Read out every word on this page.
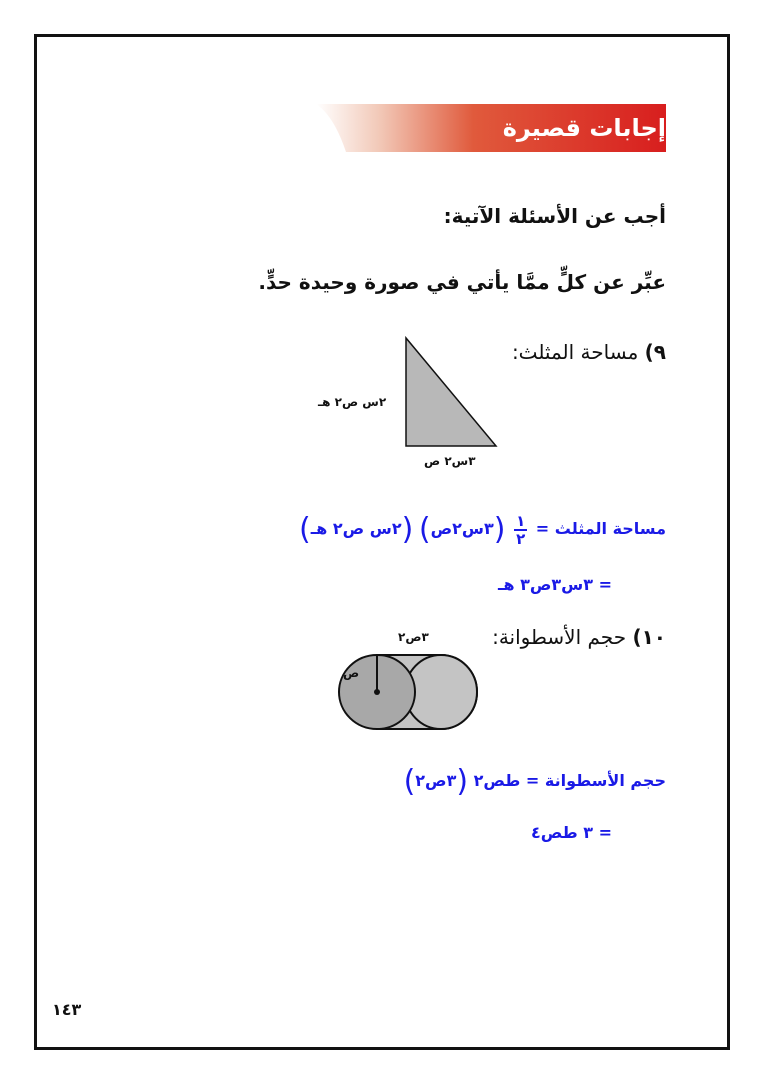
إجابات قصيرة
أجب عن الأسئلة الآتية:
عبِّر عن كلٍّ ممَّا يأتي في صورة وحيدة حدٍّ.
٩) مساحة المثلث:
٢س ص٢ هـ
٣س٢ ص
مساحة المثلث =
$\frac{١}{٢}$
(٣س٢ص) (٢س ص٢ هـ)
= ٣س٣ص٣ هـ
١٠) حجم الأسطوانة:
٣ص٢
ص
حجم الأسطوانة = طص٢ (٣ص٢)
= ٣ طص٤
١٤٣
